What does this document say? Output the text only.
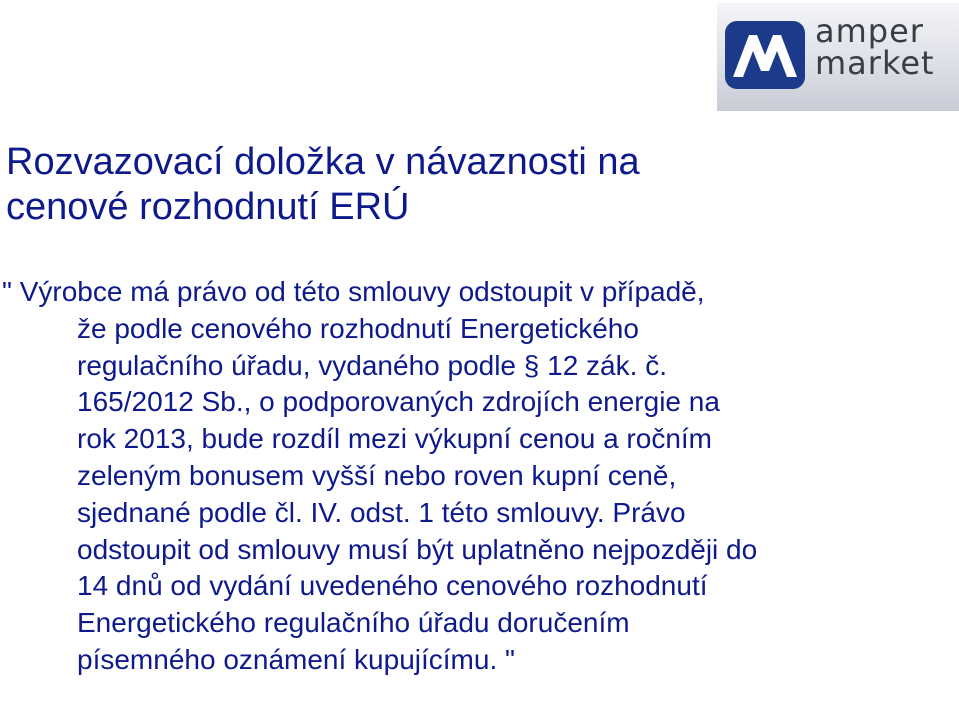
amper
market
Rozvazovací doložka v návaznosti na
cenové rozhodnutí ERÚ
" Výrobce má právo od této smlouvy odstoupit v případě,
že podle cenového rozhodnutí Energetického
regulačního úřadu, vydaného podle § 12 zák. č.
165/2012 Sb., o podporovaných zdrojích energie na
rok 2013, bude rozdíl mezi výkupní cenou a ročním
zeleným bonusem vyšší nebo roven kupní ceně,
sjednané podle čl. IV. odst. 1 této smlouvy. Právo
odstoupit od smlouvy musí být uplatněno nejpozději do
14 dnů od vydání uvedeného cenového rozhodnutí
Energetického regulačního úřadu doručením
písemného oznámení kupujícímu. "
